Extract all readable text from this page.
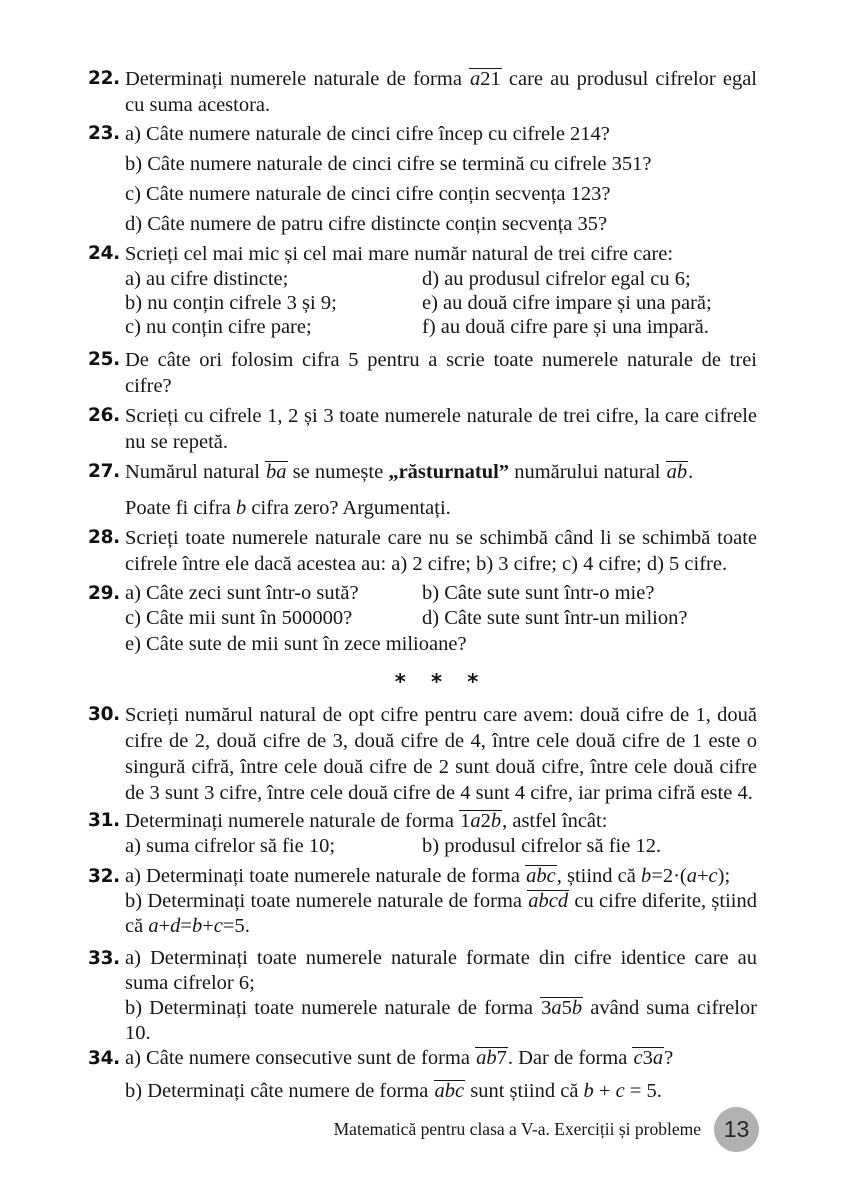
22. Determinați numerele naturale de forma a21 care au produsul cifrelor egal cu suma acestora.

23. a) Câte numere naturale de cinci cifre încep cu cifrele 214?

b) Câte numere naturale de cinci cifre se termină cu cifrele 351?

c) Câte numere naturale de cinci cifre conțin secvența 123?

d) Câte numere de patru cifre distincte conțin secvența 35?

24. Scrieți cel mai mic și cel mai mare număr natural de trei cifre care:

a) au cifre distincte;	d) au produsul cifrelor egal cu 6;
b) nu conțin cifrele 3 și 9;	e) au două cifre impare și una pară;
c) nu conțin cifre pare;	f) au două cifre pare și una impară.
25. De câte ori folosim cifra 5 pentru a scrie toate numerele naturale de trei cifre?

26. Scrieți cu cifrele 1, 2 și 3 toate numerele naturale de trei cifre, la care cifrele nu se repetă.

27. Numărul natural ba se numește „răsturnatul” numărului natural ab.

Poate fi cifra b cifra zero? Argumentați.

28. Scrieți toate numerele naturale care nu se schimbă când li se schimbă toate cifrele între ele dacă acestea au: a) 2 cifre; b) 3 cifre; c) 4 cifre; d) 5 cifre.

29. a) Câte zeci sunt într-o sută?	b) Câte sute sunt într-o mie?
c) Câte mii sunt în 500000?	d) Câte sute sunt într-un milion?

e) Câte sute de mii sunt în zece milioane?

* * *
30. Scrieți numărul natural de opt cifre pentru care avem: două cifre de 1, două cifre de 2, două cifre de 3, două cifre de 4, între cele două cifre de 1 este o singură cifră, între cele două cifre de 2 sunt două cifre, între cele două cifre de 3 sunt 3 cifre, între cele două cifre de 4 sunt 4 cifre, iar prima cifră este 4.

31. Determinați numerele naturale de forma 1a2b, astfel încât:

a) suma cifrelor să fie 10;	b) produsul cifrelor să fie 12.
32. a) Determinați toate numerele naturale de forma abc, știind că b=2·(a+c);

b) Determinați toate numerele naturale de forma abcd cu cifre diferite, știind că a+d=b+c=5.

33. a) Determinați toate numerele naturale formate din cifre identice care au suma cifrelor 6;

b) Determinați toate numerele naturale de forma 3a5b având suma cifrelor 10.

34. a) Câte numere consecutive sunt de forma ab7. Dar de forma c3a?

b) Determinați câte numere de forma abc sunt știind că b + c = 5.

Matematică pentru clasa a V-a. Exerciții și probleme 13
